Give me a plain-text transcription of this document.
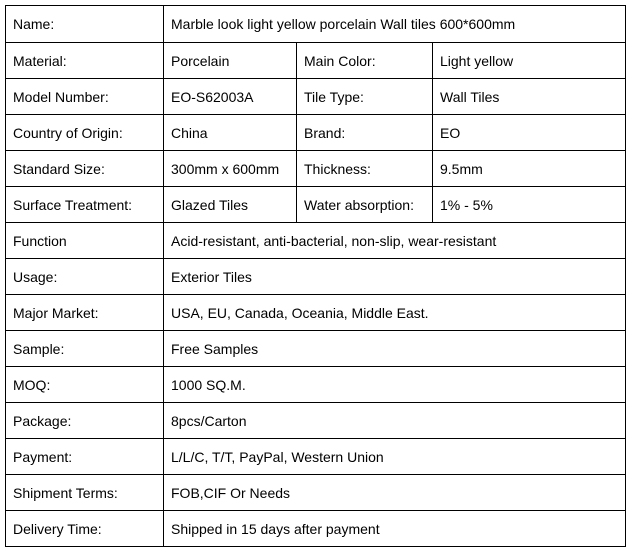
Name:	Marble look light yellow porcelain Wall tiles 600*600mm		
Material:	Porcelain	Main Color:	Light yellow
Model Number:	EO-S62003A	Tile Type:	Wall Tiles
Country of Origin:	China	Brand:	EO
Standard Size:	300mm x 600mm	Thickness:	9.5mm
Surface Treatment:	Glazed Tiles	Water absorption:	1% - 5%
Function	Acid-resistant, anti-bacterial, non-slip, wear-resistant		
Usage:	Exterior Tiles		
Major Market:	USA, EU, Canada, Oceania, Middle East.		
Sample:	Free Samples		
MOQ:	1000 SQ.M.		
Package:	8pcs/Carton		
Payment:	L/L/C, T/T, PayPal, Western Union		
Shipment Terms:	FOB,CIF Or Needs		
Delivery Time:	Shipped in 15 days after payment		
